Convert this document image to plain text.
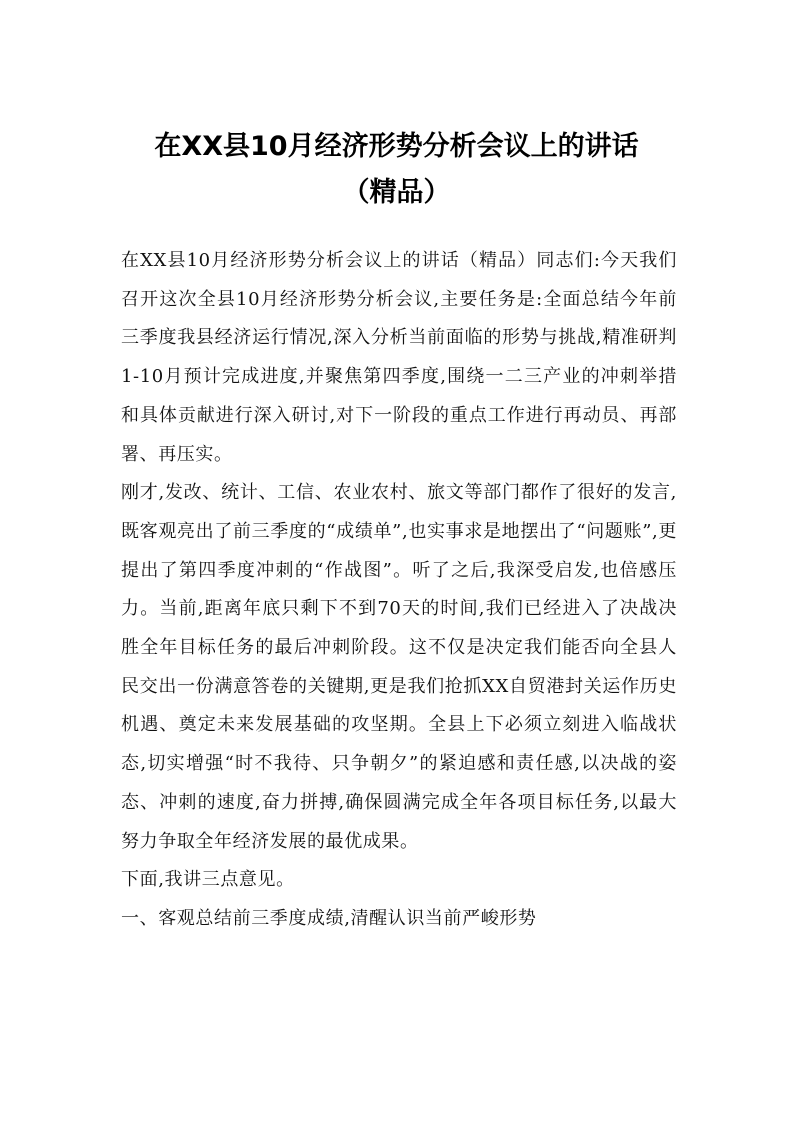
在XX县10月经济形势分析会议上的讲话
（精品）

在XX县10月经济形势分析会议上的讲话（精品）同志们:今天我们召开这次全县10月经济形势分析会议,主要任务是:全面总结今年前三季度我县经济运行情况,深入分析当前面临的形势与挑战,精准研判1-10月预计完成进度,并聚焦第四季度,围绕一二三产业的冲刺举措和具体贡献进行深入研讨,对下一阶段的重点工作进行再动员、再部署、再压实。

刚才,发改、统计、工信、农业农村、旅文等部门都作了很好的发言,既客观亮出了前三季度的“成绩单”,也实事求是地摆出了“问题账”,更提出了第四季度冲刺的“作战图”。听了之后,我深受启发,也倍感压力。当前,距离年底只剩下不到70天的时间,我们已经进入了决战决胜全年目标任务的最后冲刺阶段。这不仅是决定我们能否向全县人民交出一份满意答卷的关键期,更是我们抢抓XX自贸港封关运作历史机遇、奠定未来发展基础的攻坚期。全县上下必须立刻进入临战状态,切实增强“时不我待、只争朝夕”的紧迫感和责任感,以决战的姿态、冲刺的速度,奋力拼搏,确保圆满完成全年各项目标任务,以最大努力争取全年经济发展的最优成果。

下面,我讲三点意见。

一、客观总结前三季度成绩,清醒认识当前严峻形势
